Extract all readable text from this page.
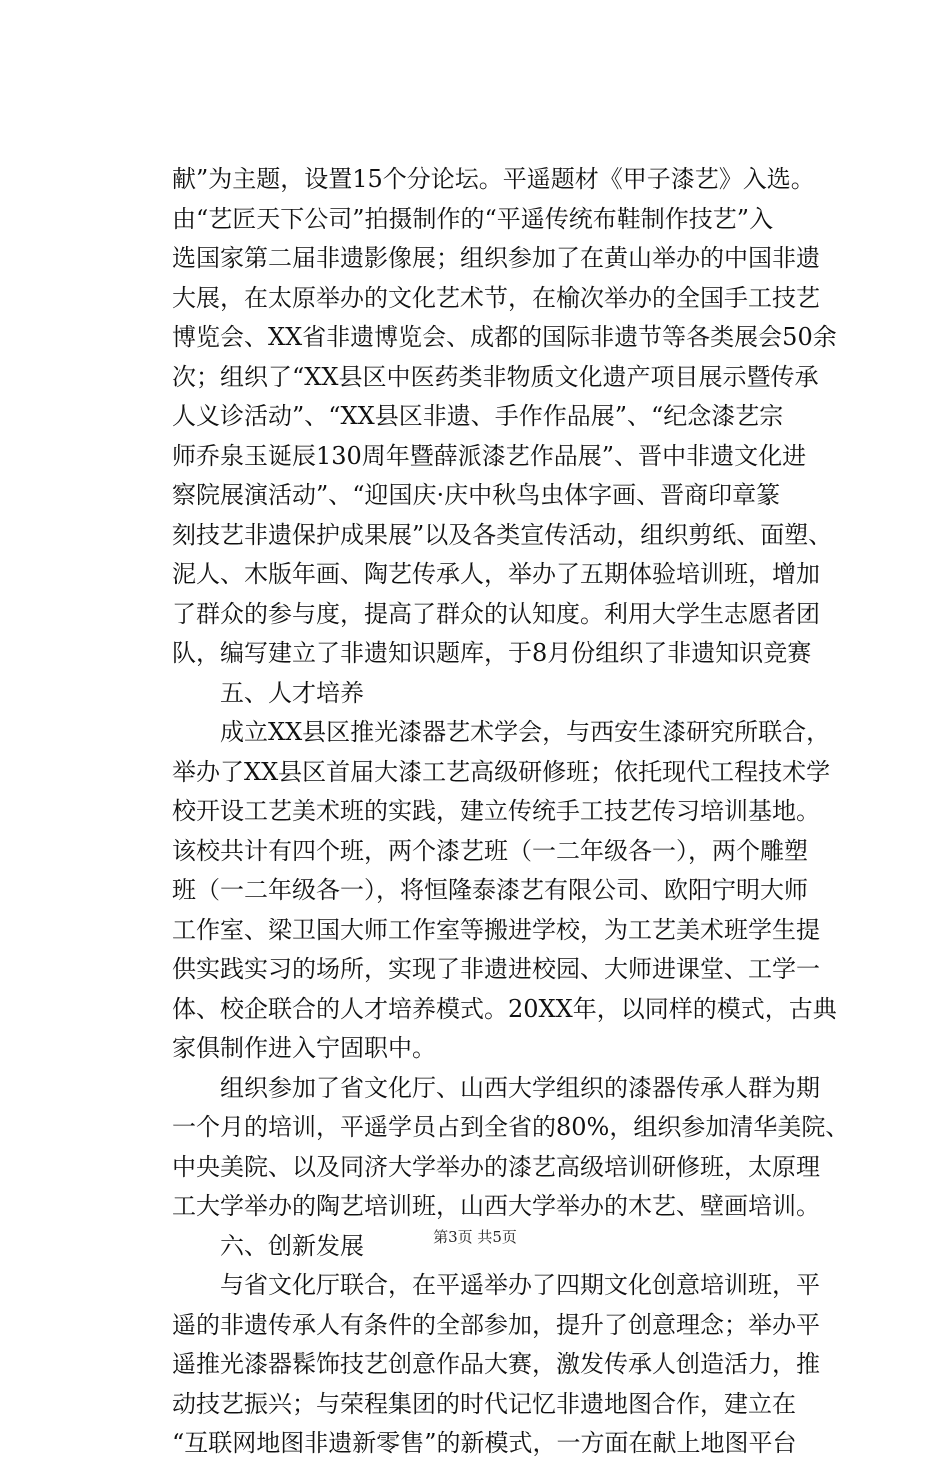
献”为主题，设置15个分论坛。平遥题材《甲子漆艺》入选。
由“艺匠天下公司”拍摄制作的“平遥传统布鞋制作技艺”入
选国家第二届非遗影像展；组织参加了在黄山举办的中国非遗
大展，在太原举办的文化艺术节，在榆次举办的全国手工技艺
博览会、XX省非遗博览会、成都的国际非遗节等各类展会50余
次；组织了“XX县区中医药类非物质文化遗产项目展示暨传承
人义诊活动”、“XX县区非遗、手作作品展”、“纪念漆艺宗
师乔泉玉诞辰130周年暨薛派漆艺作品展”、晋中非遗文化进
察院展演活动”、“迎国庆·庆中秋鸟虫体字画、晋商印章篆
刻技艺非遗保护成果展”以及各类宣传活动，组织剪纸、面塑、
泥人、木版年画、陶艺传承人，举办了五期体验培训班，增加
了群众的参与度，提高了群众的认知度。利用大学生志愿者团
队，编写建立了非遗知识题库，于8月份组织了非遗知识竞赛
　　五、人才培养
　　成立XX县区推光漆器艺术学会，与西安生漆研究所联合，
举办了XX县区首届大漆工艺高级研修班；依托现代工程技术学
校开设工艺美术班的实践，建立传统手工技艺传习培训基地。
该校共计有四个班，两个漆艺班（一二年级各一），两个雕塑
班（一二年级各一），将恒隆泰漆艺有限公司、欧阳宁明大师
工作室、梁卫国大师工作室等搬进学校，为工艺美术班学生提
供实践实习的场所，实现了非遗进校园、大师进课堂、工学一
体、校企联合的人才培养模式。20XX年，以同样的模式，古典
家俱制作进入宁固职中。
　　组织参加了省文化厅、山西大学组织的漆器传承人群为期
一个月的培训，平遥学员占到全省的80%，组织参加清华美院、
中央美院、以及同济大学举办的漆艺高级培训研修班，太原理
工大学举办的陶艺培训班，山西大学举办的木艺、壁画培训。
　　六、创新发展
　　与省文化厅联合，在平遥举办了四期文化创意培训班，平
遥的非遗传承人有条件的全部参加，提升了创意理念；举办平
遥推光漆器髹饰技艺创意作品大赛，激发传承人创造活力，推
动技艺振兴；与荣程集团的时代记忆非遗地图合作，建立在
“互联网地图非遗新零售”的新模式，一方面在献上地图平台
第3页 共5页
